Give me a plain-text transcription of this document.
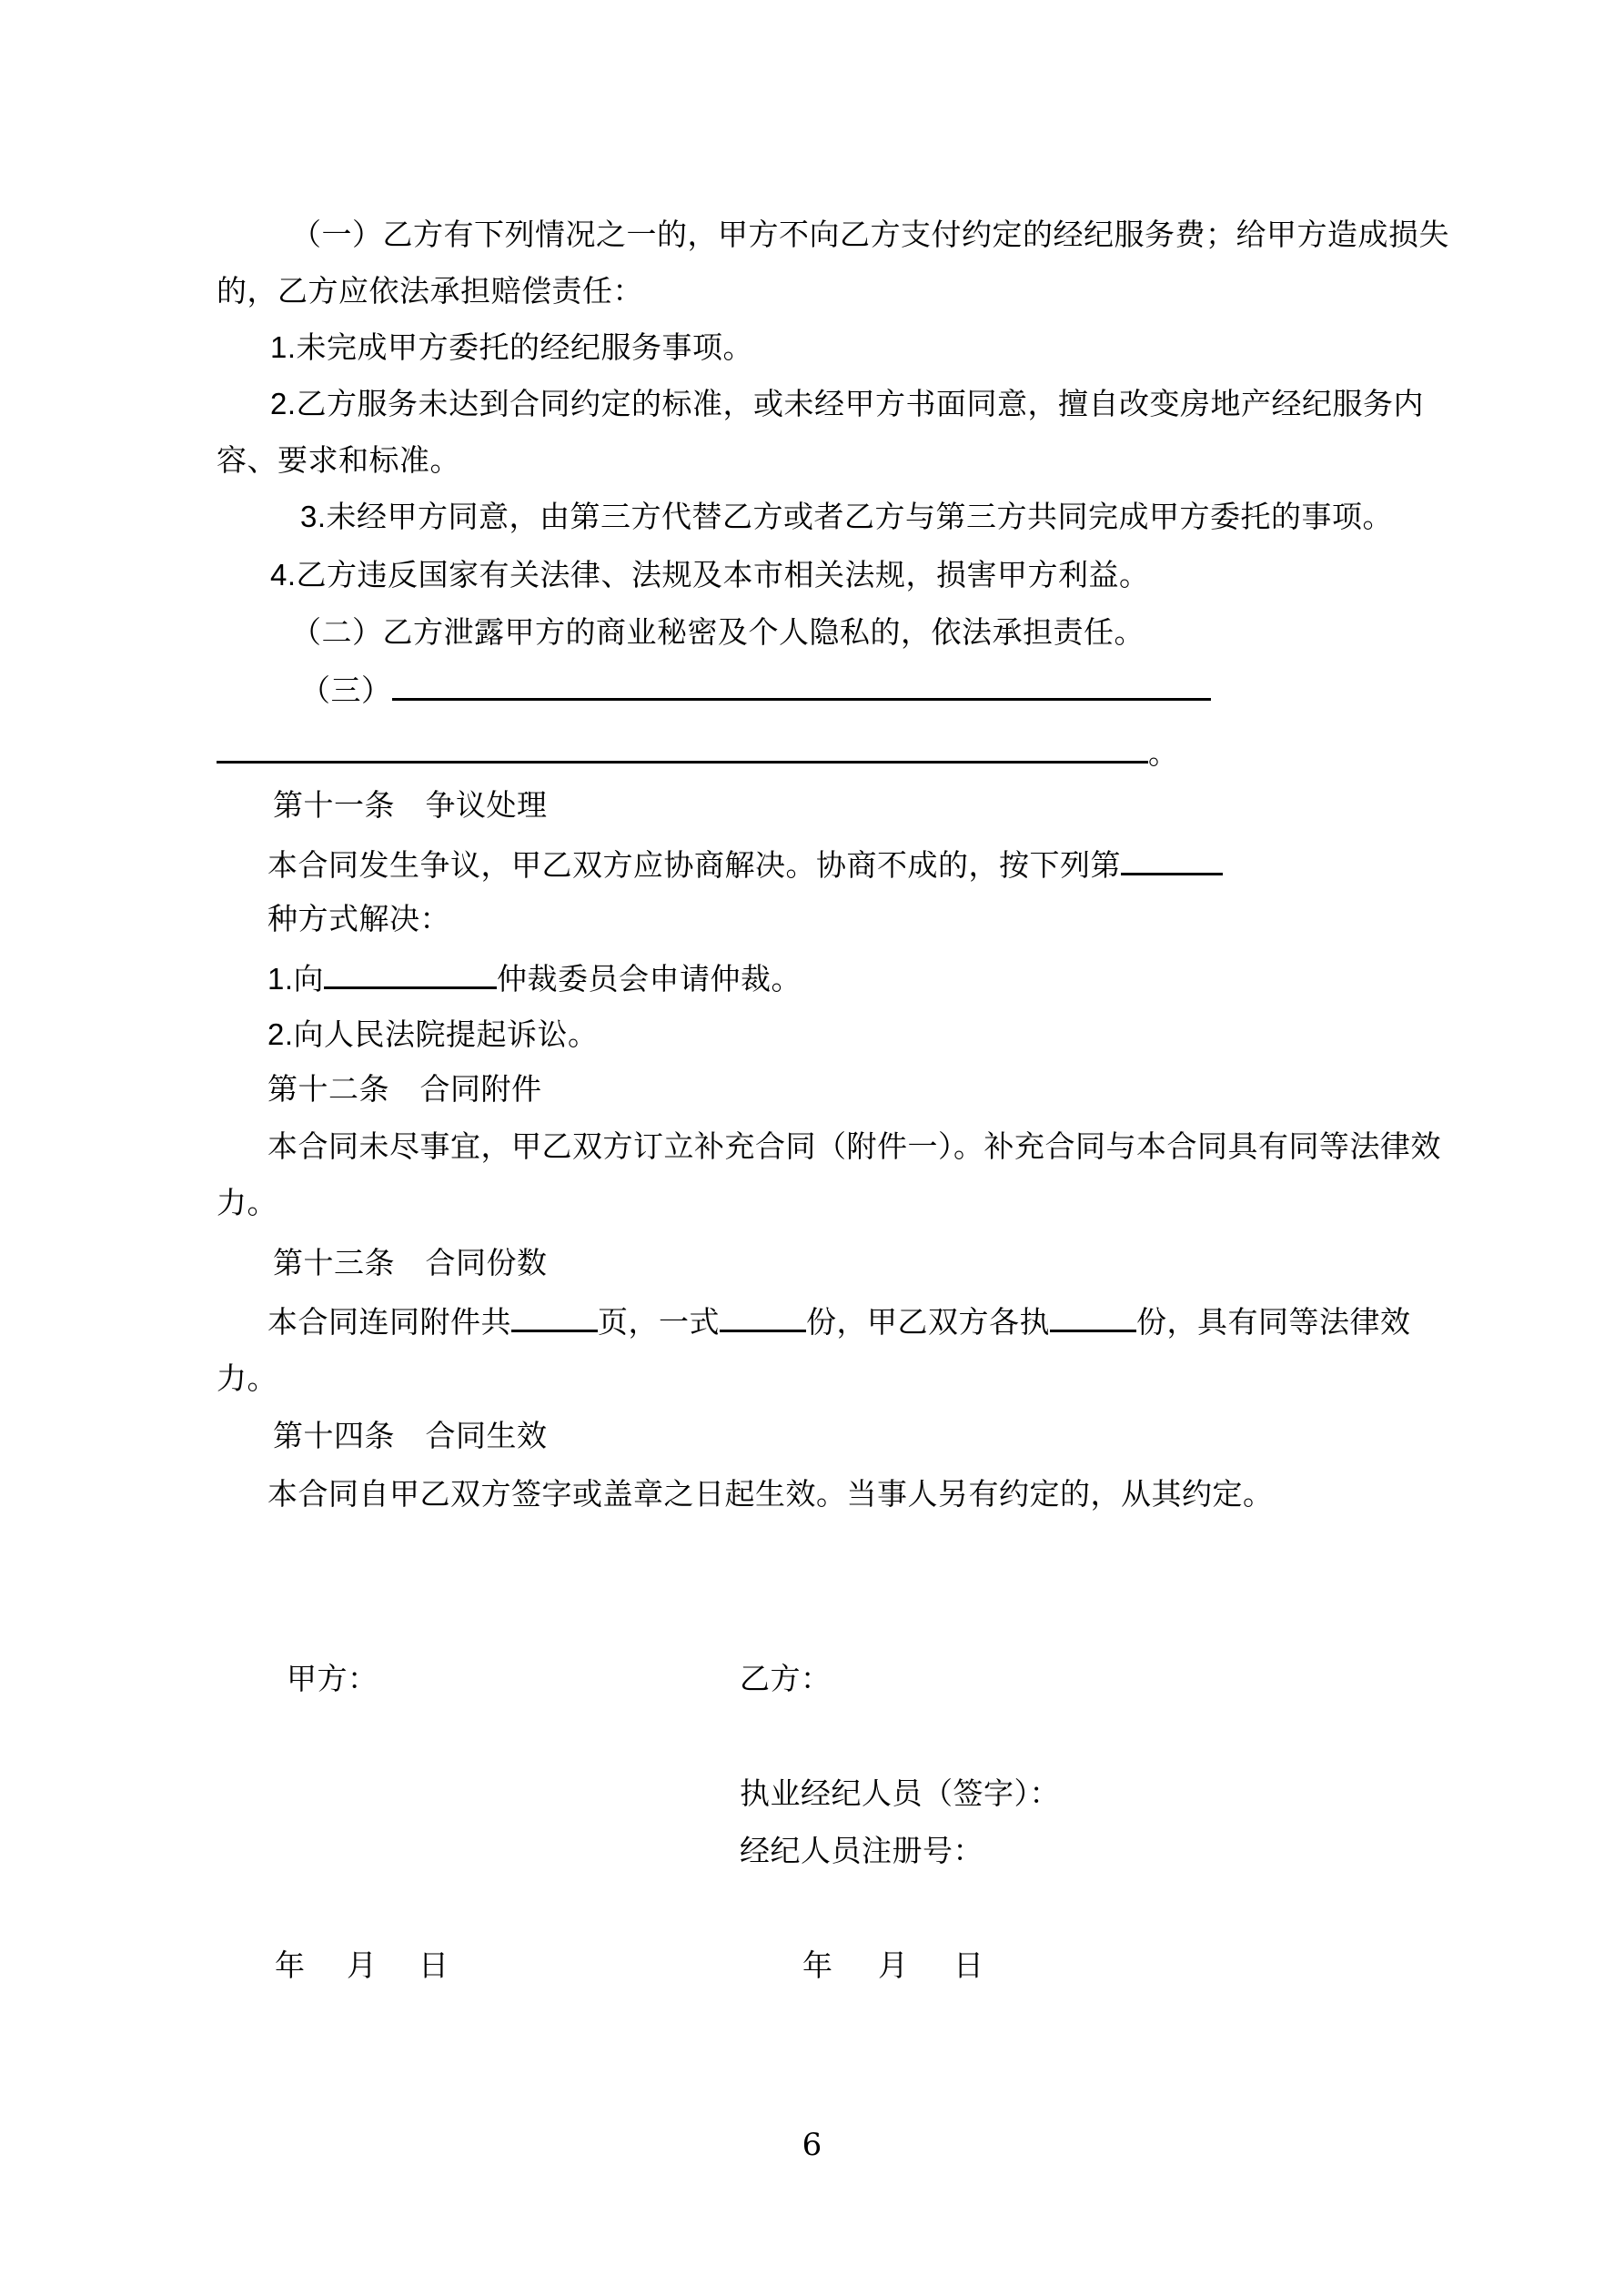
（一）乙方有下列情况之一的，甲方不向乙方支付约定的经纪服务费；给甲方造成损失
的，乙方应依法承担赔偿责任：
1.未完成甲方委托的经纪服务事项。
2.乙方服务未达到合同约定的标准，或未经甲方书面同意，擅自改变房地产经纪服务内
容、要求和标准。
3.未经甲方同意，由第三方代替乙方或者乙方与第三方共同完成甲方委托的事项。
4.乙方违反国家有关法律、法规及本市相关法规，损害甲方利益。
（二）乙方泄露甲方的商业秘密及个人隐私的，依法承担责任。
（三）
。
第十一条　争议处理
本合同发生争议，甲乙双方应协商解决。协商不成的，按下列第
种方式解决：
1.向	仲裁委员会申请仲裁。
2.向人民法院提起诉讼。
第十二条　合同附件
本合同未尽事宜，甲乙双方订立补充合同（附件一）。补充合同与本合同具有同等法律效
力。
第十三条　合同份数
本合同连同附件共	页，一式	份，甲乙双方各执	份，具有同等法律效
力。
第十四条　合同生效
本合同自甲乙双方签字或盖章之日起生效。当事人另有约定的，从其约定。
甲方：	乙方：
执业经纪人员（签字）：
经纪人员注册号：
年 月 日	年 月 日
6
